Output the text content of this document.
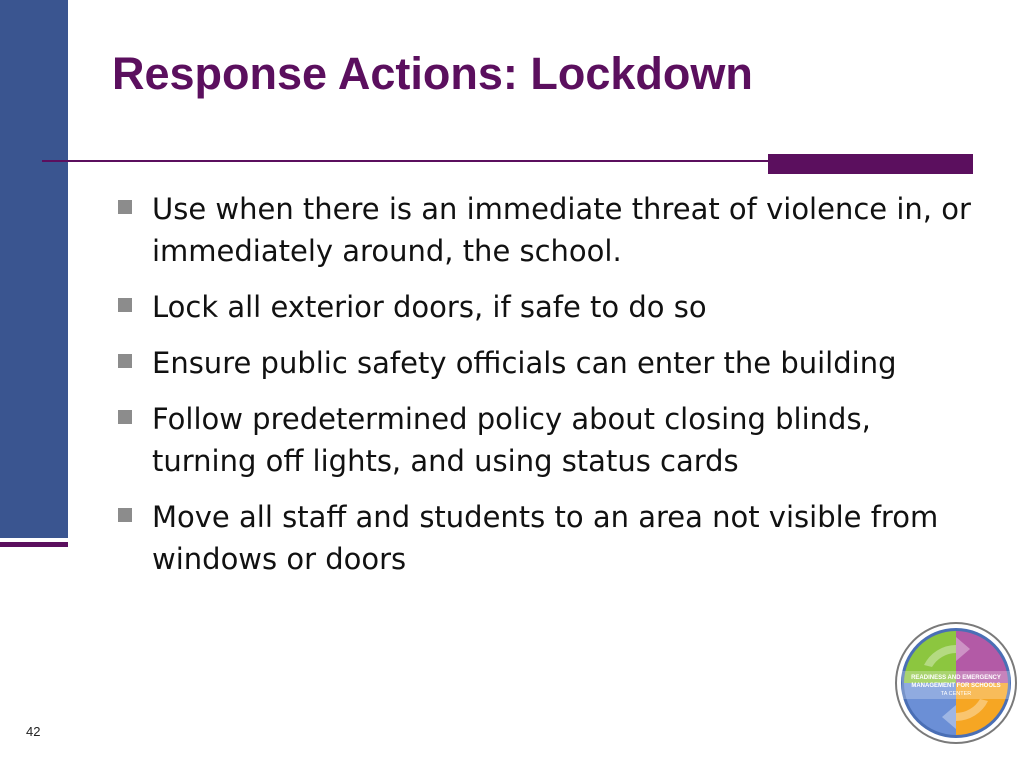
Response Actions: Lockdown
Use when there is an immediate threat of violence in, or immediately around, the school.
Lock all exterior doors, if safe to do so
Ensure public safety officials can enter the building
Follow predetermined policy about closing blinds, turning off lights, and using status cards
Move all staff and students to an area not visible from windows or doors
42
READINESS AND EMERGENCY
MANAGEMENT FOR SCHOOLS
TA CENTER
